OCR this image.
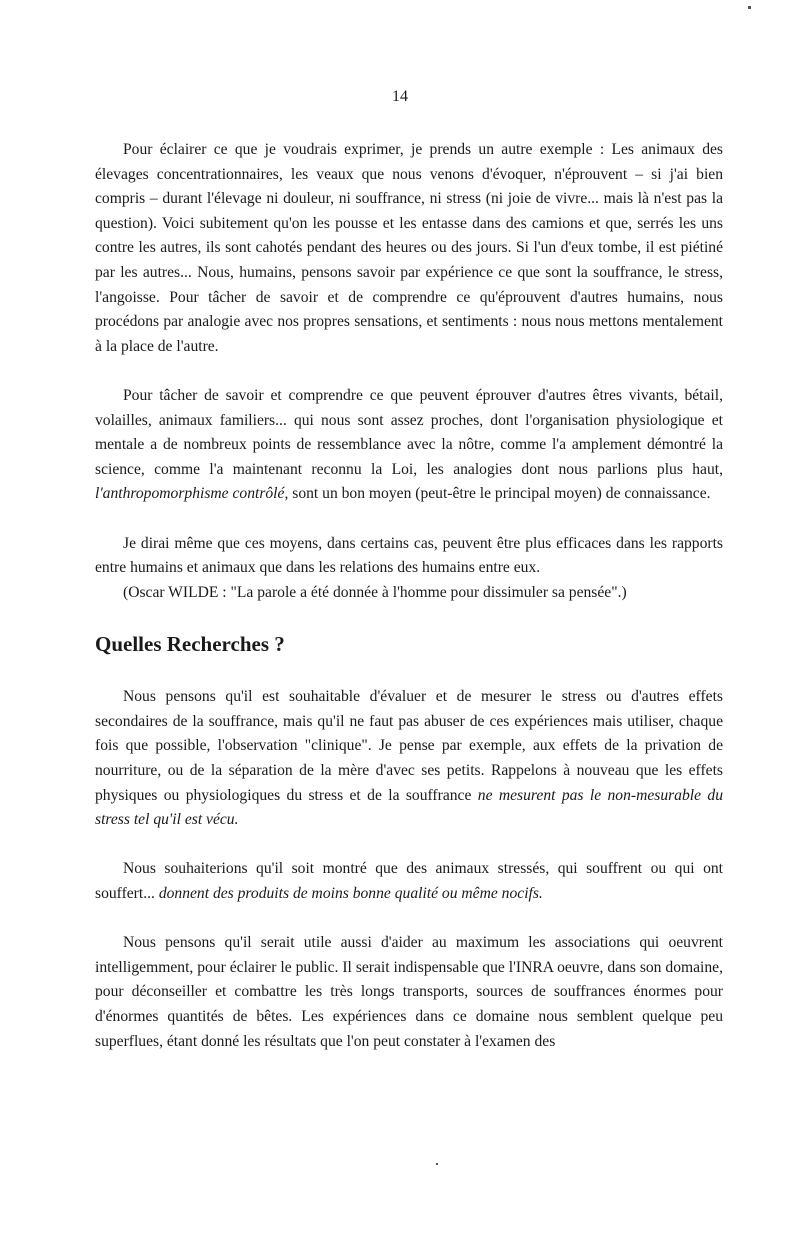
14

Pour éclairer ce que je voudrais exprimer, je prends un autre exemple : Les animaux des élevages concentrationnaires, les veaux que nous venons d'évoquer, n'éprouvent – si j'ai bien compris – durant l'élevage ni douleur, ni souffrance, ni stress (ni joie de vivre... mais là n'est pas la question). Voici subitement qu'on les pousse et les entasse dans des camions et que, serrés les uns contre les autres, ils sont cahotés pendant des heures ou des jours. Si l'un d'eux tombe, il est piétiné par les autres... Nous, humains, pensons savoir par expérience ce que sont la souffrance, le stress, l'angoisse. Pour tâcher de savoir et de comprendre ce qu'éprouvent d'autres humains, nous procédons par analogie avec nos propres sensations, et sentiments : nous nous mettons mentalement à la place de l'autre.

Pour tâcher de savoir et comprendre ce que peuvent éprouver d'autres êtres vivants, bétail, volailles, animaux familiers... qui nous sont assez proches, dont l'organisation physiologique et mentale a de nombreux points de ressemblance avec la nôtre, comme l'a amplement démontré la science, comme l'a maintenant reconnu la Loi, les analogies dont nous parlions plus haut, l'anthropomorphisme contrôlé, sont un bon moyen (peut-être le principal moyen) de connaissance.

Je dirai même que ces moyens, dans certains cas, peuvent être plus efficaces dans les rapports entre humains et animaux que dans les relations des humains entre eux.

(Oscar WILDE : "La parole a été donnée à l'homme pour dissimuler sa pensée".)

Quelles Recherches ?

Nous pensons qu'il est souhaitable d'évaluer et de mesurer le stress ou d'autres effets secondaires de la souffrance, mais qu'il ne faut pas abuser de ces expériences mais utiliser, chaque fois que possible, l'observation "clinique". Je pense par exemple, aux effets de la privation de nourriture, ou de la séparation de la mère d'avec ses petits. Rappelons à nouveau que les effets physiques ou physiologiques du stress et de la souffrance ne mesurent pas le non-mesurable du stress tel qu'il est vécu.

Nous souhaiterions qu'il soit montré que des animaux stressés, qui souffrent ou qui ont souffert... donnent des produits de moins bonne qualité ou même nocifs.

Nous pensons qu'il serait utile aussi d'aider au maximum les associations qui oeuvrent intelligemment, pour éclairer le public. Il serait indispensable que l'INRA oeuvre, dans son domaine, pour déconseiller et combattre les très longs transports, sources de souffrances énormes pour d'énormes quantités de bêtes. Les expériences dans ce domaine nous semblent quelque peu superflues, étant donné les résultats que l'on peut constater à l'examen des
